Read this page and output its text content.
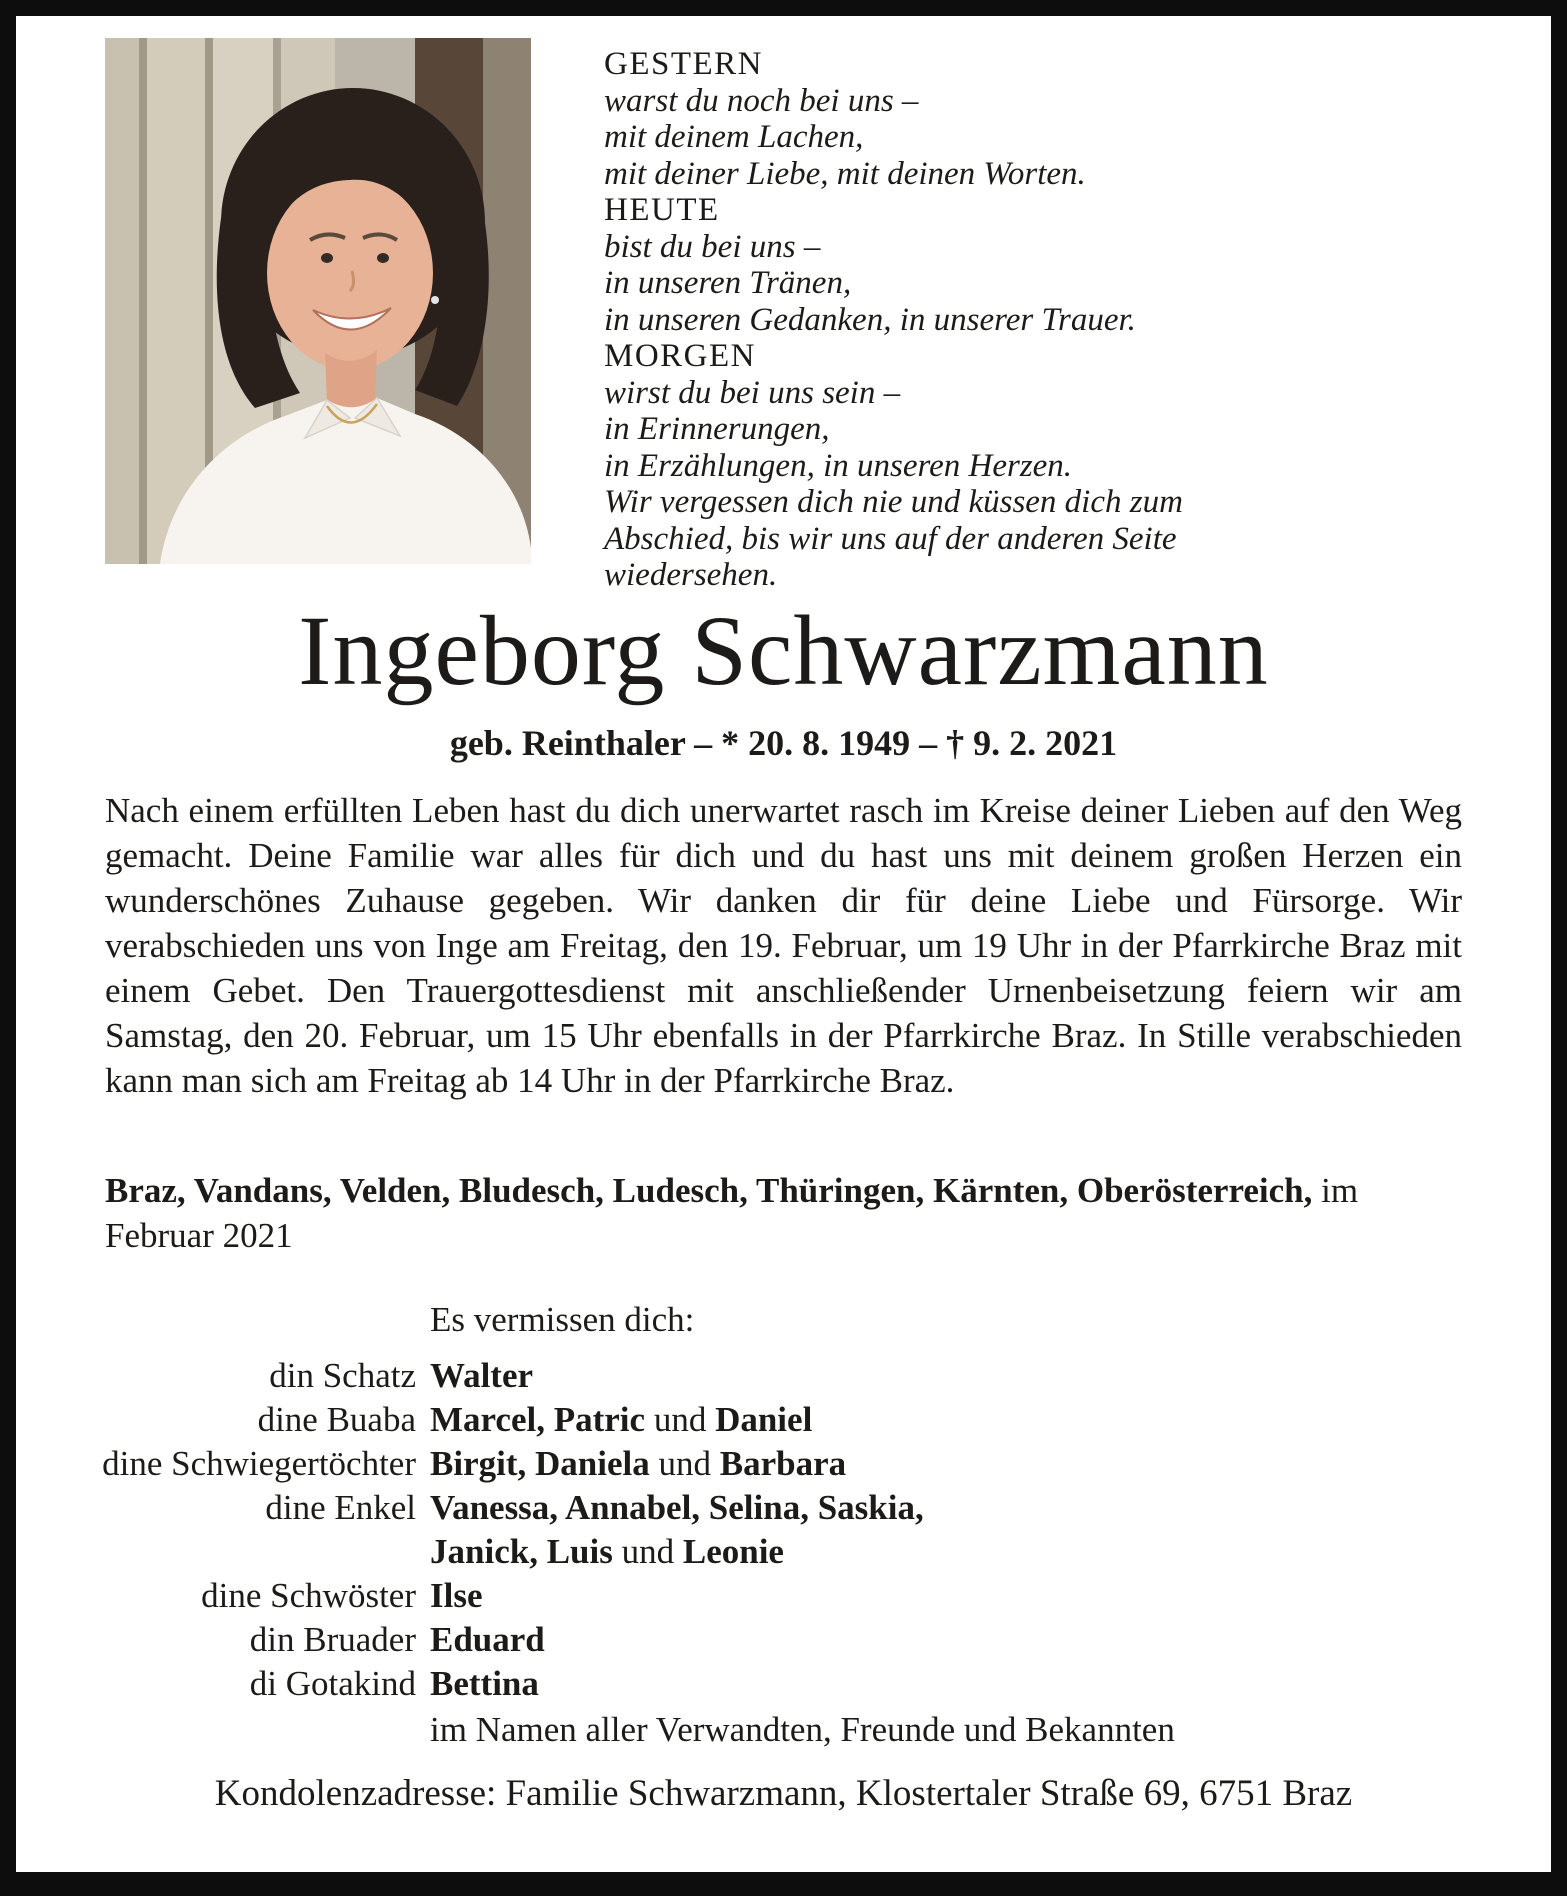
GESTERN
warst du noch bei uns –
mit deinem Lachen,
mit deiner Liebe, mit deinen Worten.
HEUTE
bist du bei uns –
in unseren Tränen,
in unseren Gedanken, in unserer Trauer.
MORGEN
wirst du bei uns sein –
in Erinnerungen,
in Erzählungen, in unseren Herzen.
Wir vergessen dich nie und küssen dich zum
Abschied, bis wir uns auf der anderen Seite
wiedersehen.
Ingeborg Schwarzmann
geb. Reinthaler – * 20. 8. 1949 – † 9. 2. 2021

Nach einem erfüllten Leben hast du dich unerwartet rasch im Kreise deiner Lieben auf den Weg gemacht. Deine Familie war alles für dich und du hast uns mit deinem großen Herzen ein wunderschönes Zuhause gegeben. Wir danken dir für deine Liebe und Fürsorge. Wir verabschieden uns von Inge am Freitag, den 19. Februar, um 19 Uhr in der Pfarrkirche Braz mit einem Gebet. Den Trauergottesdienst mit anschließender Urnenbeisetzung feiern wir am Samstag, den 20. Februar, um 15 Uhr ebenfalls in der Pfarrkirche Braz. In Stille verabschieden kann man sich am Freitag ab 14 Uhr in der Pfarrkirche Braz.

Braz, Vandans, Velden, Bludesch, Ludesch, Thüringen, Kärnten, Oberösterreich, im Februar 2021

Es vermissen dich:
din Schatz Walter
dine Buaba Marcel, Patric und Daniel
dine Schwiegertöchter Birgit, Daniela und Barbara
dine Enkel Vanessa, Annabel, Selina, Saskia,
Janick, Luis und Leonie
dine Schwöster Ilse
din Bruader Eduard
di Gotakind Bettina
im Namen aller Verwandten, Freunde und Bekannten
Kondolenzadresse: Familie Schwarzmann, Klostertaler Straße 69, 6751 Braz
